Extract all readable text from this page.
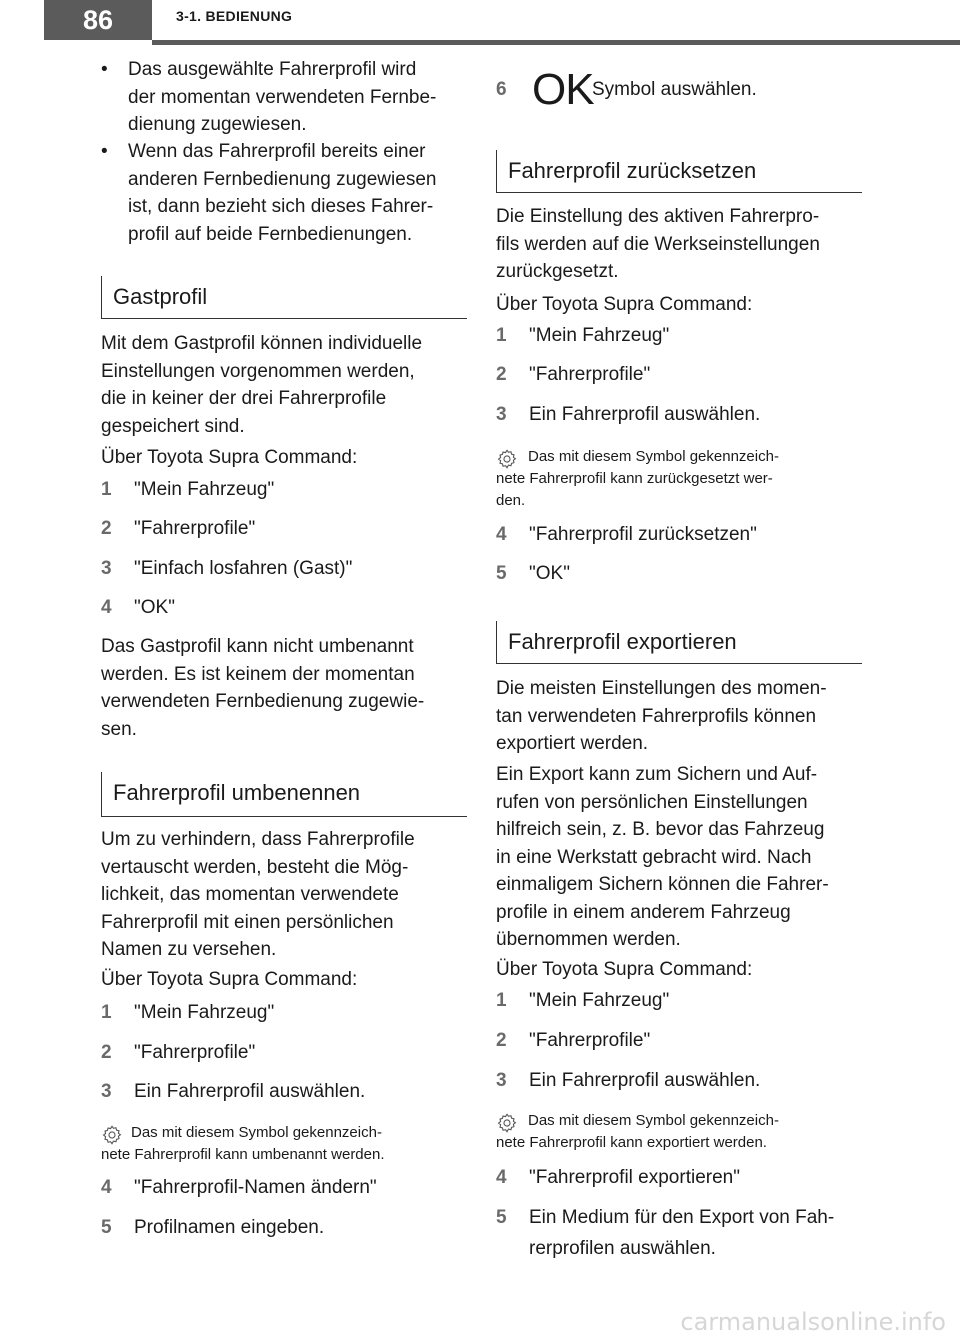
86	3-1. BEDIENUNG
• Das ausgewählte Fahrerprofil wird
der momentan verwendeten Fernbe-
dienung zugewiesen.
• Wenn das Fahrerprofil bereits einer
anderen Fernbedienung zugewiesen
ist, dann bezieht sich dieses Fahrer-
profil auf beide Fernbedienungen.
Gastprofil
Mit dem Gastprofil können individuelle
Einstellungen vorgenommen werden,
die in keiner der drei Fahrerprofile
gespeichert sind.
Über Toyota Supra Command:
1 "Mein Fahrzeug"
2 "Fahrerprofile"
3 "Einfach losfahren (Gast)"
4 "OK"
Das Gastprofil kann nicht umbenannt
werden. Es ist keinem der momentan
verwendeten Fernbedienung zugewie-
sen.
Fahrerprofil umbenennen
Um zu verhindern, dass Fahrerprofile
vertauscht werden, besteht die Mög-
lichkeit, das momentan verwendete
Fahrerprofil mit einen persönlichen
Namen zu versehen.
Über Toyota Supra Command:
1 "Mein Fahrzeug"
2 "Fahrerprofile"
3 Ein Fahrerprofil auswählen.
Das mit diesem Symbol gekennzeich-
nete Fahrerprofil kann umbenannt werden.
4 "Fahrerprofil-Namen ändern"
5 Profilnamen eingeben.
6 OK
Symbol auswählen.
Fahrerprofil zurücksetzen
Die Einstellung des aktiven Fahrerpro-
fils werden auf die Werkseinstellungen
zurückgesetzt.
Über Toyota Supra Command:
1 "Mein Fahrzeug"
2 "Fahrerprofile"
3 Ein Fahrerprofil auswählen.
Das mit diesem Symbol gekennzeich-
nete Fahrerprofil kann zurückgesetzt wer-
den.
4 "Fahrerprofil zurücksetzen"
5 "OK"
Fahrerprofil exportieren
Die meisten Einstellungen des momen-
tan verwendeten Fahrerprofils können
exportiert werden.
Ein Export kann zum Sichern und Auf-
rufen von persönlichen Einstellungen
hilfreich sein, z. B. bevor das Fahrzeug
in eine Werkstatt gebracht wird. Nach
einmaligem Sichern können die Fahrer-
profile in einem anderem Fahrzeug
übernommen werden.
Über Toyota Supra Command:
1 "Mein Fahrzeug"
2 "Fahrerprofile"
3 Ein Fahrerprofil auswählen.
Das mit diesem Symbol gekennzeich-
nete Fahrerprofil kann exportiert werden.
4 "Fahrerprofil exportieren"
5 Ein Medium für den Export von Fah-
rerprofilen auswählen.
carmanualsonline.info
